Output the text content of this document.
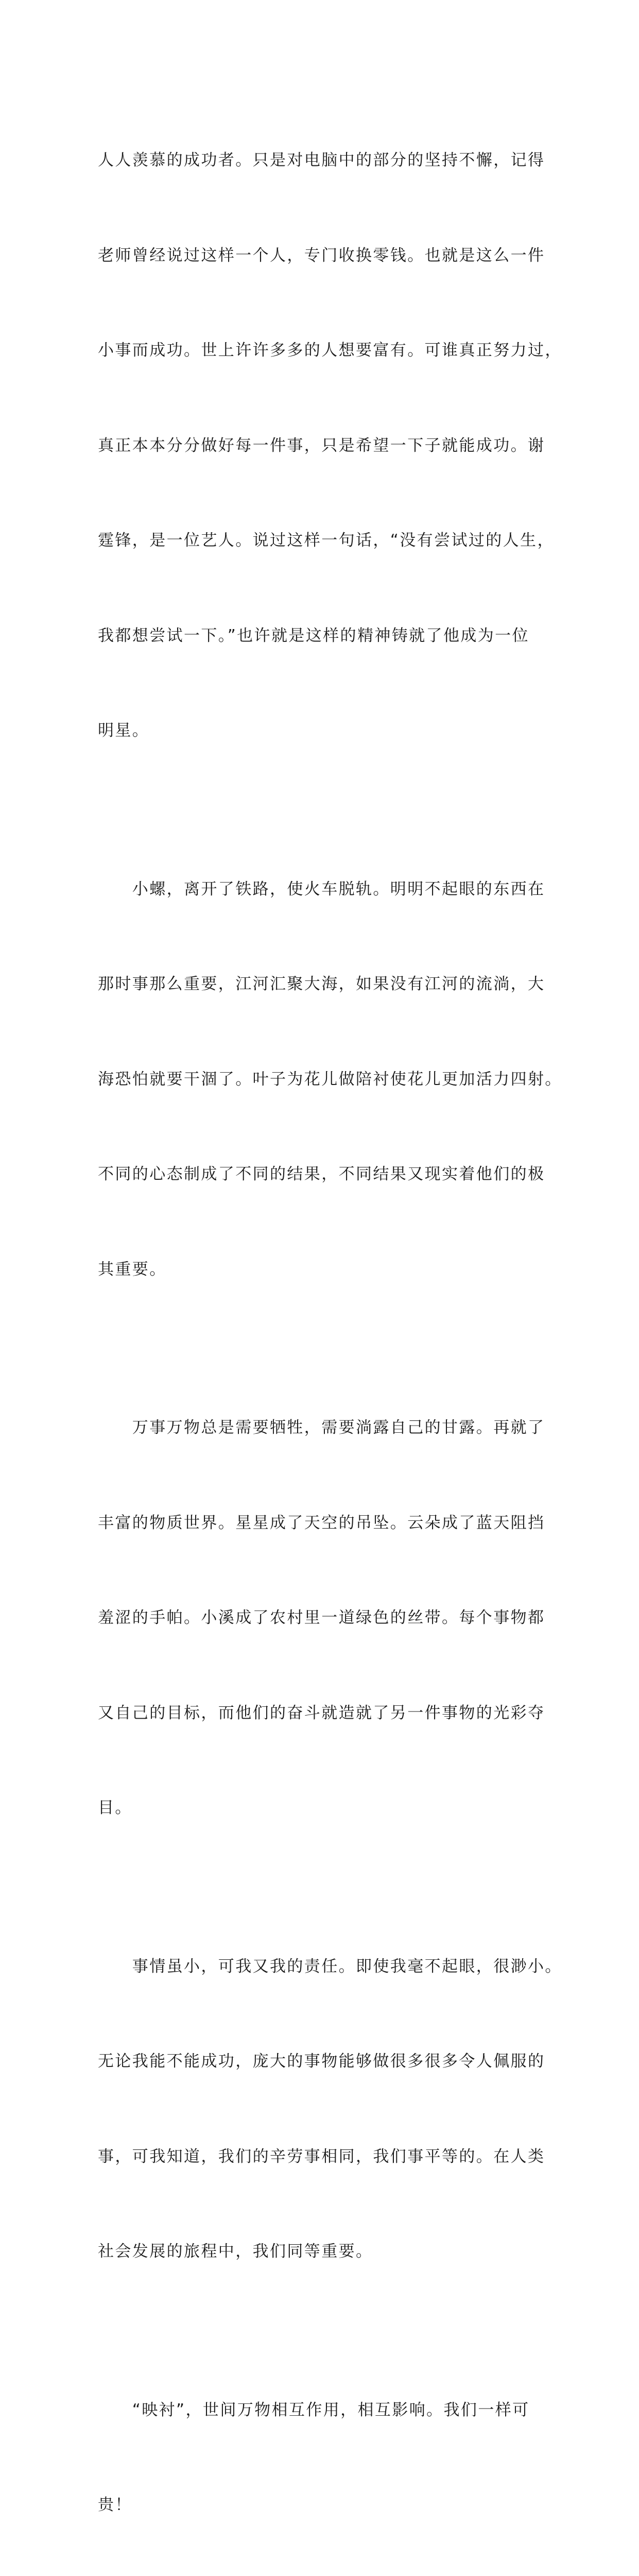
人人羡慕的成功者。只是对电脑中的部分的坚持不懈，记得

老师曾经说过这样一个人，专门收换零钱。也就是这么一件

小事而成功。世上许许多多的人想要富有。可谁真正努力过，

真正本本分分做好每一件事，只是希望一下子就能成功。谢

霆锋，是一位艺人。说过这样一句话，“没有尝试过的人生，

我都想尝试一下。”也许就是这样的精神铸就了他成为一位

明星。

　　小螺，离开了铁路，使火车脱轨。明明不起眼的东西在

那时事那么重要，江河汇聚大海，如果没有江河的流淌，大

海恐怕就要干涸了。叶子为花儿做陪衬使花儿更加活力四射。

不同的心态制成了不同的结果，不同结果又现实着他们的极

其重要。

　　万事万物总是需要牺牲，需要淌露自己的甘露。再就了

丰富的物质世界。星星成了天空的吊坠。云朵成了蓝天阻挡

羞涩的手帕。小溪成了农村里一道绿色的丝带。每个事物都

又自己的目标，而他们的奋斗就造就了另一件事物的光彩夺

目。

　　事情虽小，可我又我的责任。即使我毫不起眼，很渺小。

无论我能不能成功，庞大的事物能够做很多很多令人佩服的

事，可我知道，我们的辛劳事相同，我们事平等的。在人类

社会发展的旅程中，我们同等重要。

　　“映衬”，世间万物相互作用，相互影响。我们一样可

贵！
